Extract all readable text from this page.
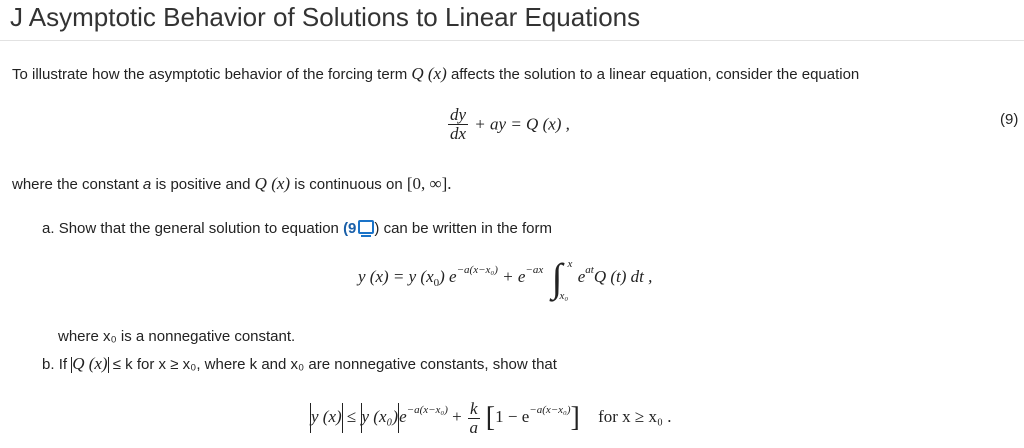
J Asymptotic Behavior of Solutions to Linear Equations
To illustrate how the asymptotic behavior of the forcing term Q (x) affects the solution to a linear equation, consider the equation
$\frac{dy}{dx}$ + ay = Q (x) ,	(9)
where the constant a is positive and Q (x) is continuous on [0, ∞].
a. Show that the general solution to equation (9 ) can be written in the form
y (x) = y $(x_0) e^{-a(x-x_0)} + e^{-ax}$ ∫ x
x₀
$e^{at}Q$ (t) dt ,
where x₀ is a nonnegative constant.
b. If Q (x) ≤ k for x ≥ x₀, where k and x₀ are nonnegative constants, show that
y (x) ≤ y $(x_0)e^{-a(x-x_0)} + \frac{k}{a} [1 - e^{-a(x-x_0)}]$ for x ≥ x₀ .
